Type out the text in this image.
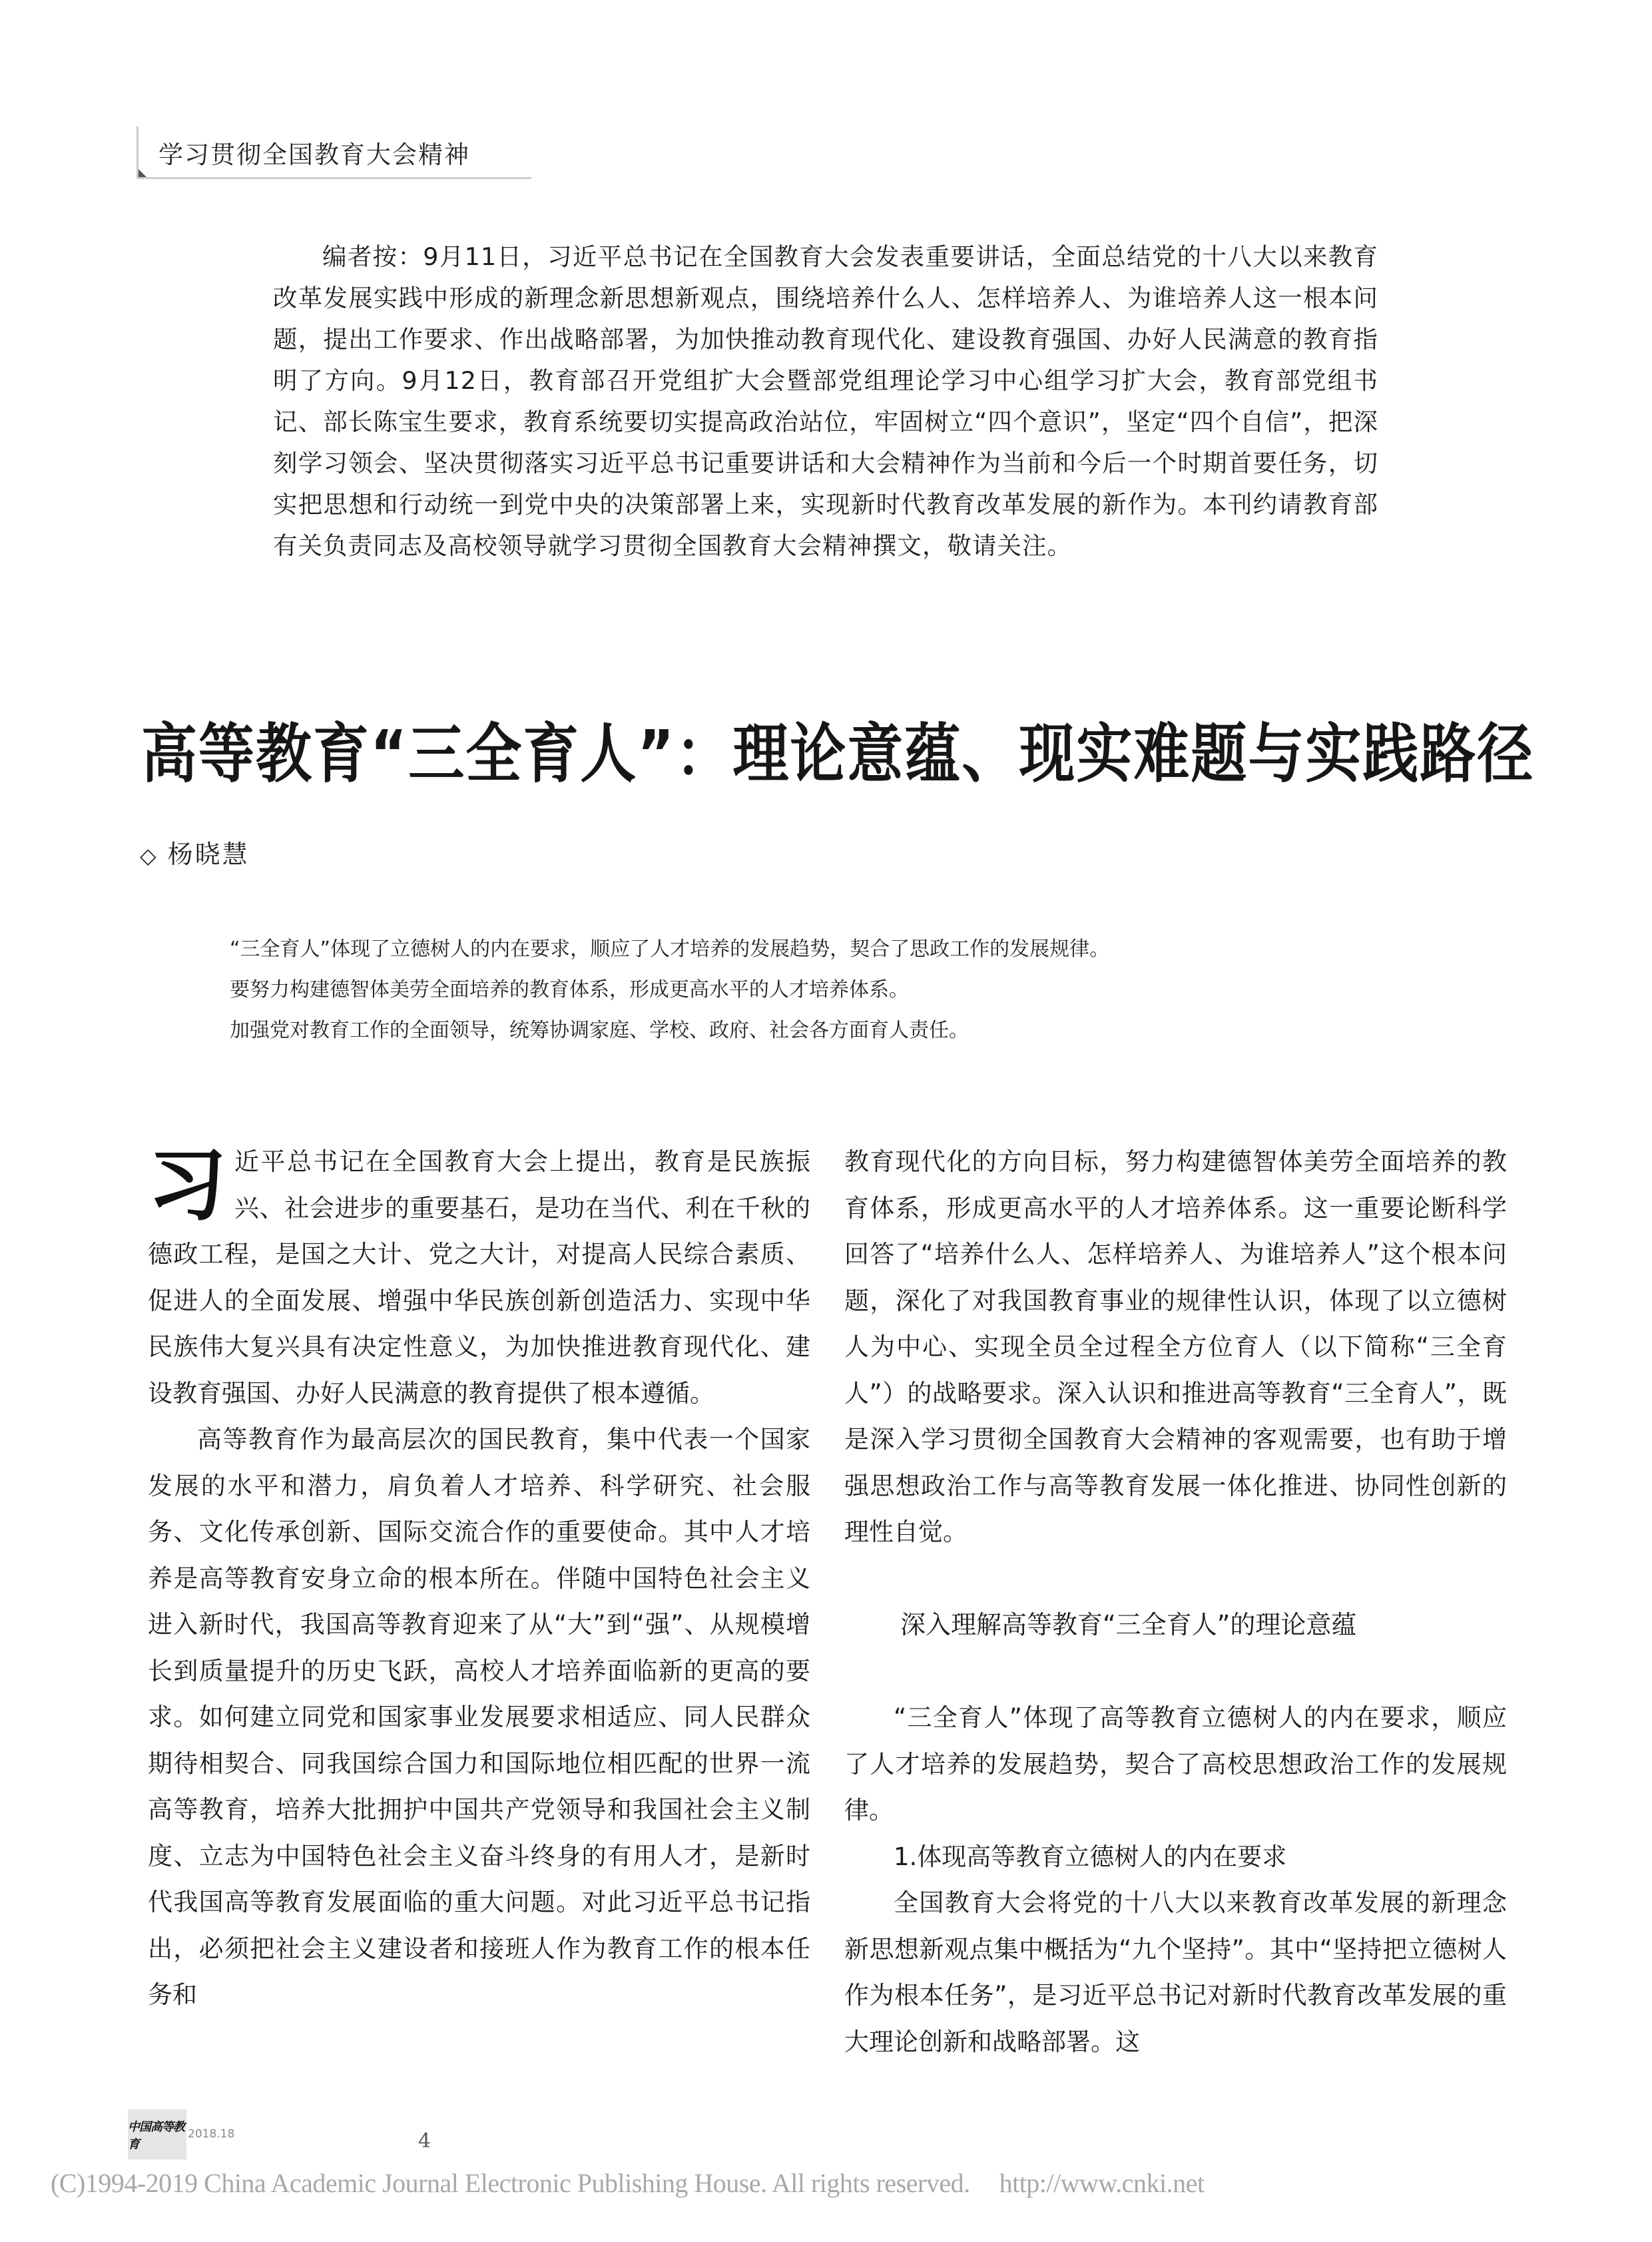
学习贯彻全国教育大会精神
编者按：9月11日，习近平总书记在全国教育大会发表重要讲话，全面总结党的十八大以来教育改革发展实践中形成的新理念新思想新观点，围绕培养什么人、怎样培养人、为谁培养人这一根本问题，提出工作要求、作出战略部署，为加快推动教育现代化、建设教育强国、办好人民满意的教育指明了方向。9月12日，教育部召开党组扩大会暨部党组理论学习中心组学习扩大会，教育部党组书记、部长陈宝生要求，教育系统要切实提高政治站位，牢固树立“四个意识”，坚定“四个自信”，把深刻学习领会、坚决贯彻落实习近平总书记重要讲话和大会精神作为当前和今后一个时期首要任务，切实把思想和行动统一到党中央的决策部署上来，实现新时代教育改革发展的新作为。本刊约请教育部有关负责同志及高校领导就学习贯彻全国教育大会精神撰文，敬请关注。
高等教育“三全育人”：理论意蕴、现实难题与实践路径
◇ 杨晓慧
“三全育人”体现了立德树人的内在要求，顺应了人才培养的发展趋势，契合了思政工作的发展规律。
要努力构建德智体美劳全面培养的教育体系，形成更高水平的人才培养体系。
加强党对教育工作的全面领导，统筹协调家庭、学校、政府、社会各方面育人责任。

习近平总书记在全国教育大会上提出，教育是民族振兴、社会进步的重要基石，是功在当代、利在千秋的德政工程，是国之大计、党之大计，对提高人民综合素质、促进人的全面发展、增强中华民族创新创造活力、实现中华民族伟大复兴具有决定性意义，为加快推进教育现代化、建设教育强国、办好人民满意的教育提供了根本遵循。

高等教育作为最高层次的国民教育，集中代表一个国家发展的水平和潜力，肩负着人才培养、科学研究、社会服务、文化传承创新、国际交流合作的重要使命。其中人才培养是高等教育安身立命的根本所在。伴随中国特色社会主义进入新时代，我国高等教育迎来了从“大”到“强”、从规模增长到质量提升的历史飞跃，高校人才培养面临新的更高的要求。如何建立同党和国家事业发展要求相适应、同人民群众期待相契合、同我国综合国力和国际地位相匹配的世界一流高等教育，培养大批拥护中国共产党领导和我国社会主义制度、立志为中国特色社会主义奋斗终身的有用人才，是新时代我国高等教育发展面临的重大问题。对此习近平总书记指出，必须把社会主义建设者和接班人作为教育工作的根本任务和

教育现代化的方向目标，努力构建德智体美劳全面培养的教育体系，形成更高水平的人才培养体系。这一重要论断科学回答了“培养什么人、怎样培养人、为谁培养人”这个根本问题，深化了对我国教育事业的规律性认识，体现了以立德树人为中心、实现全员全过程全方位育人（以下简称“三全育人”）的战略要求。深入认识和推进高等教育“三全育人”，既是深入学习贯彻全国教育大会精神的客观需要，也有助于增强思想政治工作与高等教育发展一体化推进、协同性创新的理性自觉。

深入理解高等教育“三全育人”的理论意蕴

“三全育人”体现了高等教育立德树人的内在要求，顺应了人才培养的发展趋势，契合了高校思想政治工作的发展规律。

1.体现高等教育立德树人的内在要求

全国教育大会将党的十八大以来教育改革发展的新理念新思想新观点集中概括为“九个坚持”。其中“坚持把立德树人作为根本任务”，是习近平总书记对新时代教育改革发展的重大理论创新和战略部署。这

中国高等教育
2018.18	4
(C)1994-2019 China Academic Journal Electronic Publishing House. All rights reserved. http://www.cnki.net
